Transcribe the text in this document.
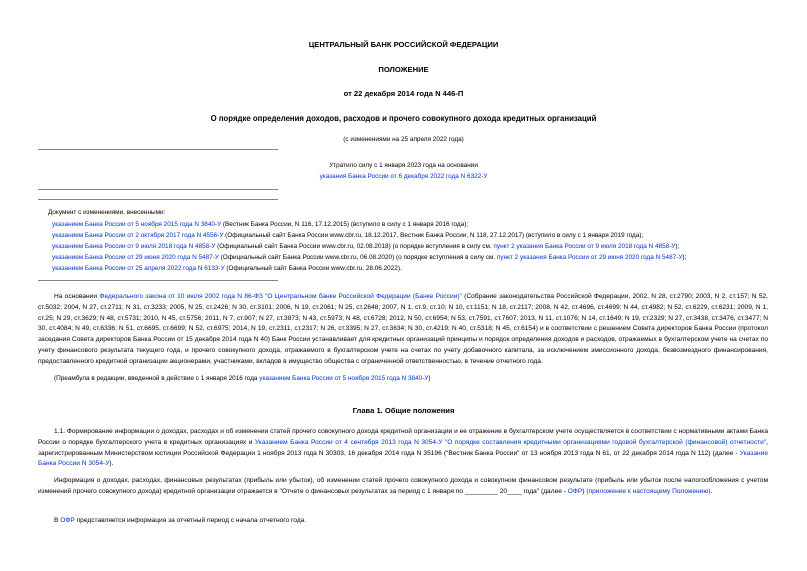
ЦЕНТРАЛЬНЫЙ БАНК РОССИЙСКОЙ ФЕДЕРАЦИИ
ПОЛОЖЕНИЕ
от 22 декабря 2014 года N 446-П
О порядке определения доходов, расходов и прочего совокупного дохода кредитных организаций
(с изменениями на 25 апреля 2022 года)
Утратило силу с 1 января 2023 года на основании
указания Банка России от 6 декабря 2022 года N 6322-У
Документ с изменениями, внесенными:
указанием Банка России от 5 ноября 2015 года N 3840-У (Вестник Банка России, N 116, 17.12.2015) (вступило в силу с 1 января 2016 года);
указанием Банка России от 2 октября 2017 года N 4556-У (Официальный сайт Банка России www.cbr.ru, 18.12.2017, Вестник Банка России, N 118, 27.12.2017) (вступило в силу с 1 января 2019 года);
указанием Банка России от 9 июля 2018 года N 4858-У (Официальный сайт Банка России www.cbr.ru, 02.08.2018) (о порядке вступления в силу см. пункт 2 указания Банка России от 9 июля 2018 года N 4858-У);
указанием Банка России от 29 июня 2020 года N 5487-У (Официальный сайт Банка России www.cbr.ru, 06.08.2020) (о порядке вступления в силу см. пункт 2 указания Банка России от 29 июня 2020 года N 5487-У);
указанием Банка России от 25 апреля 2022 года N 6133-У (Официальный сайт Банка России www.cbr.ru, 28.06.2022).
На основании Федерального закона от 10 июля 2002 года N 86-ФЗ "О Центральном банке Российской Федерации (Банке России)" (Собрание законодательства Российской Федерации, 2002, N 28, ст.2790; 2003, N 2, ст.157; N 52, ст.5032; 2004, N 27, ст.2711; N 31, ст.3233; 2005, N 25, ст.2426; N 30, ст.3101; 2006, N 19, ст.2061; N 25, ст.2648; 2007, N 1, ст.9, ст.10; N 10, ст.1151; N 18, ст.2117; 2008, N 42, ст.4696, ст.4699; N 44, ст.4982; N 52, ст.6229, ст.6231; 2009, N 1, ст.25; N 29, ст.3629; N 48, ст.5731; 2010, N 45, ст.5756; 2011, N 7, ст.907; N 27, ст.3873; N 43, ст.5973; N 48, ст.6728; 2012, N 50, ст.6954; N 53, ст.7591, ст.7607; 2013, N 11, ст.1076; N 14, ст.1649; N 19, ст.2329; N 27, ст.3438, ст.3476, ст.3477; N 30, ст.4084; N 49, ст.6336; N 51, ст.6695, ст.6699; N 52, ст.6975; 2014, N 19, ст.2311, ст.2317; N 26, ст.3395; N 27, ст.3634; N 30, ст.4219; N 40, ст.5318; N 45, ст.6154) и в соответствии с решением Совета директоров Банка России (протокол заседания Совета директоров Банка России от 15 декабря 2014 года N 40) Банк России устанавливает для кредитных организаций принципы и порядок определения доходов и расходов, отражаемых в бухгалтерском учете на счетах по учету финансового результата текущего года, и прочего совокупного дохода, отражаемого в бухгалтерском учете на счетах по учету добавочного капитала, за исключением эмиссионного дохода, безвозмездного финансирования, предоставленного кредитной организации акционерами, участниками, вкладов в имущество общества с ограниченной ответственностью, в течение отчетного года.
(Преамбула в редакции, введенной в действие с 1 января 2016 года указанием Банка России от 5 ноября 2015 года N 3840-У)
Глава 1. Общие положения
1.1. Формирование информации о доходах, расходах и об изменении статей прочего совокупного дохода кредитной организации и ее отражение в бухгалтерском учете осуществляется в соответствии с нормативными актами Банка России о порядке бухгалтерского учета в кредитных организациях и Указанием Банка России от 4 сентября 2013 года N 3054-У "О порядке составления кредитными организациями годовой бухгалтерской (финансовой) отчетности", зарегистрированным Министерством юстиции Российской Федерации 1 ноября 2013 года N 30303, 16 декабря 2014 года N 35196 ("Вестник Банка России" от 13 ноября 2013 года N 61, от 22 декабря 2014 года N 112) (далее - Указание Банка России N 3054-У).
Информация о доходах, расходах, финансовых результатах (прибыль или убыток), об изменении статей прочего совокупного дохода и совокупном финансовом результате (прибыль или убыток после налогообложения с учетом изменений прочего совокупного дохода) кредитной организации отражается в "Отчете о финансовых результатах за период с 1 января по _________ 20____ года" (далее - ОФР) (приложение к настоящему Положению).
В ОФР представляется информация за отчетный период с начала отчетного года.
